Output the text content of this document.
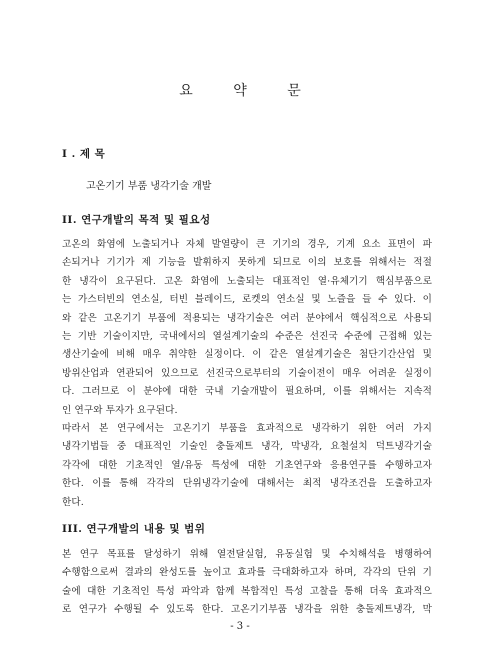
요 약 문
I . 제 목
고온기기 부품 냉각기술 개발
II. 연구개발의 목적 및 필요성
고온의 화염에 노출되거나 자체 발열량이 큰 기기의 경우, 기계 요소 표면이 파
손되거나 기기가 제 기능을 발휘하지 못하게 되므로 이의 보호를 위해서는 적절
한 냉각이 요구된다. 고온 화염에 노출되는 대표적인 열·유체기기 핵심부품으로
는 가스터빈의 연소실, 터빈 블레이드, 로켓의 연소실 및 노즐을 들 수 있다. 이
와 같은 고온기기 부품에 적용되는 냉각기술은 여러 분야에서 핵심적으로 사용되
는 기반 기술이지만, 국내에서의 열설계기술의 수준은 선진국 수준에 근접해 있는
생산기술에 비해 매우 취약한 실정이다. 이 같은 열설계기술은 첨단기간산업 및
방위산업과 연관되어 있으므로 선진국으로부터의 기술이전이 매우 어려운 실정이
다. 그러므로 이 분야에 대한 국내 기술개발이 필요하며, 이를 위해서는 지속적
인 연구와 투자가 요구된다.
따라서 본 연구에서는 고온기기 부품을 효과적으로 냉각하기 위한 여러 가지
냉각기법들 중 대표적인 기술인 충돌제트 냉각, 막냉각, 요철설치 덕트냉각기술
각각에 대한 기초적인 열/유동 특성에 대한 기초연구와 응용연구를 수행하고자
한다. 이를 통해 각각의 단위냉각기술에 대해서는 최적 냉각조건을 도출하고자
한다.
III. 연구개발의 내용 및 범위
본 연구 목표를 달성하기 위해 열전달실험, 유동실험 및 수치해석을 병행하여
수행함으로써 결과의 완성도를 높이고 효과를 극대화하고자 하며, 각각의 단위 기
술에 대한 기초적인 특성 파악과 함께 복합적인 특성 고찰을 통해 더욱 효과적으
로 연구가 수행될 수 있도록 한다. 고온기기부품 냉각을 위한 충돌제트냉각, 막
- 3 -
